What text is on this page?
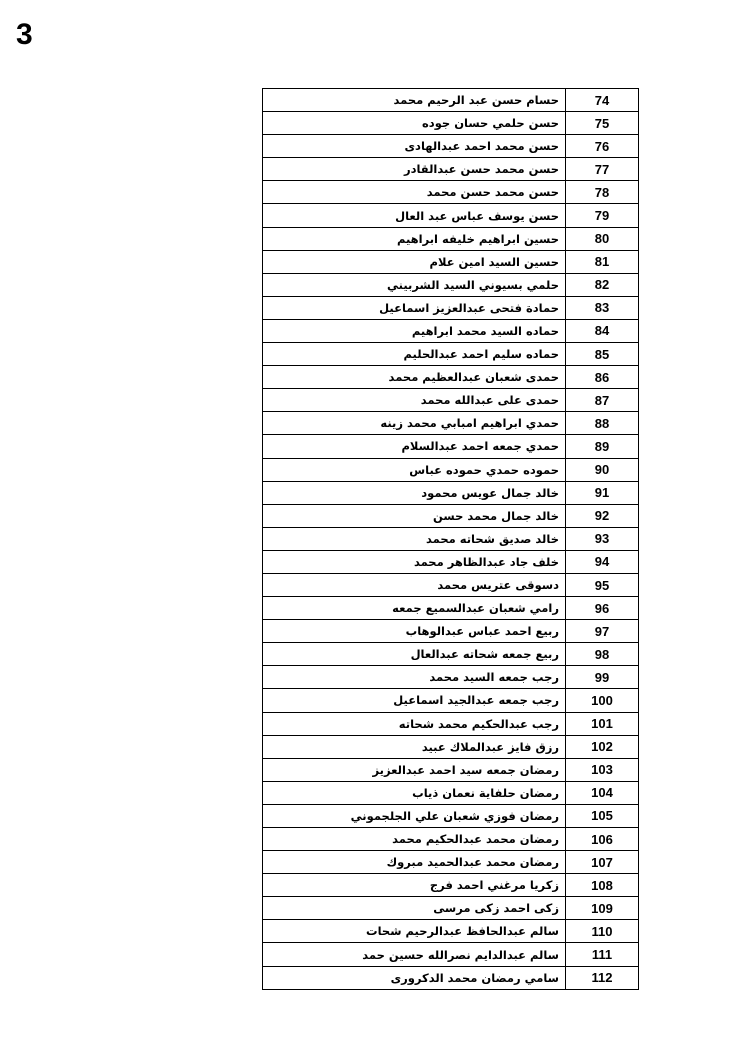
3
حسام حسن عبد الرحيم محمد	74
حسن حلمي حسان جوده	75
حسن محمد احمد عبدالهادى	76
حسن محمد حسن عبدالقادر	77
حسن محمد حسن محمد	78
حسن يوسف عباس عبد العال	79
حسين ابراهيم خليفه ابراهيم	80
حسين السيد امين علام	81
حلمي بسيوني السيد الشربيني	82
حمادة فتحى عبدالعزيز اسماعيل	83
حماده السيد محمد ابراهيم	84
حماده سليم احمد عبدالحليم	85
حمدى شعبان عبدالعظيم محمد	86
حمدى على عبدالله محمد	87
حمدي ابراهيم امبابي محمد زينه	88
حمدي جمعه احمد عبدالسلام	89
حموده حمدي حموده عباس	90
خالد جمال عويس محمود	91
خالد جمال محمد حسن	92
خالد صديق شحاته محمد	93
خلف جاد عبدالظاهر محمد	94
دسوقى عتريس محمد	95
رامي شعبان عبدالسميع جمعه	96
ربيع احمد عباس عبدالوهاب	97
ربيع جمعه شحاته عبدالعال	98
رجب جمعه السيد محمد	99
رجب جمعه عبدالجيد اسماعيل	100
رجب عبدالحكيم محمد شحاته	101
رزق فايز عبدالملاك عبيد	102
رمضان جمعه سيد احمد عبدالعزيز	103
رمضان حلفاية نعمان ذياب	104
رمضان فوزي شعبان علي الجلجموني	105
رمضان محمد عبدالحكيم محمد	106
رمضان محمد عبدالحميد مبروك	107
زكريا مرغني احمد فرج	108
زكى احمد زكى مرسى	109
سالم عبدالحافظ عبدالرحيم شحات	110
سالم عبدالدايم نصرالله حسين حمد	111
سامي رمضان محمد الدكرورى	112
